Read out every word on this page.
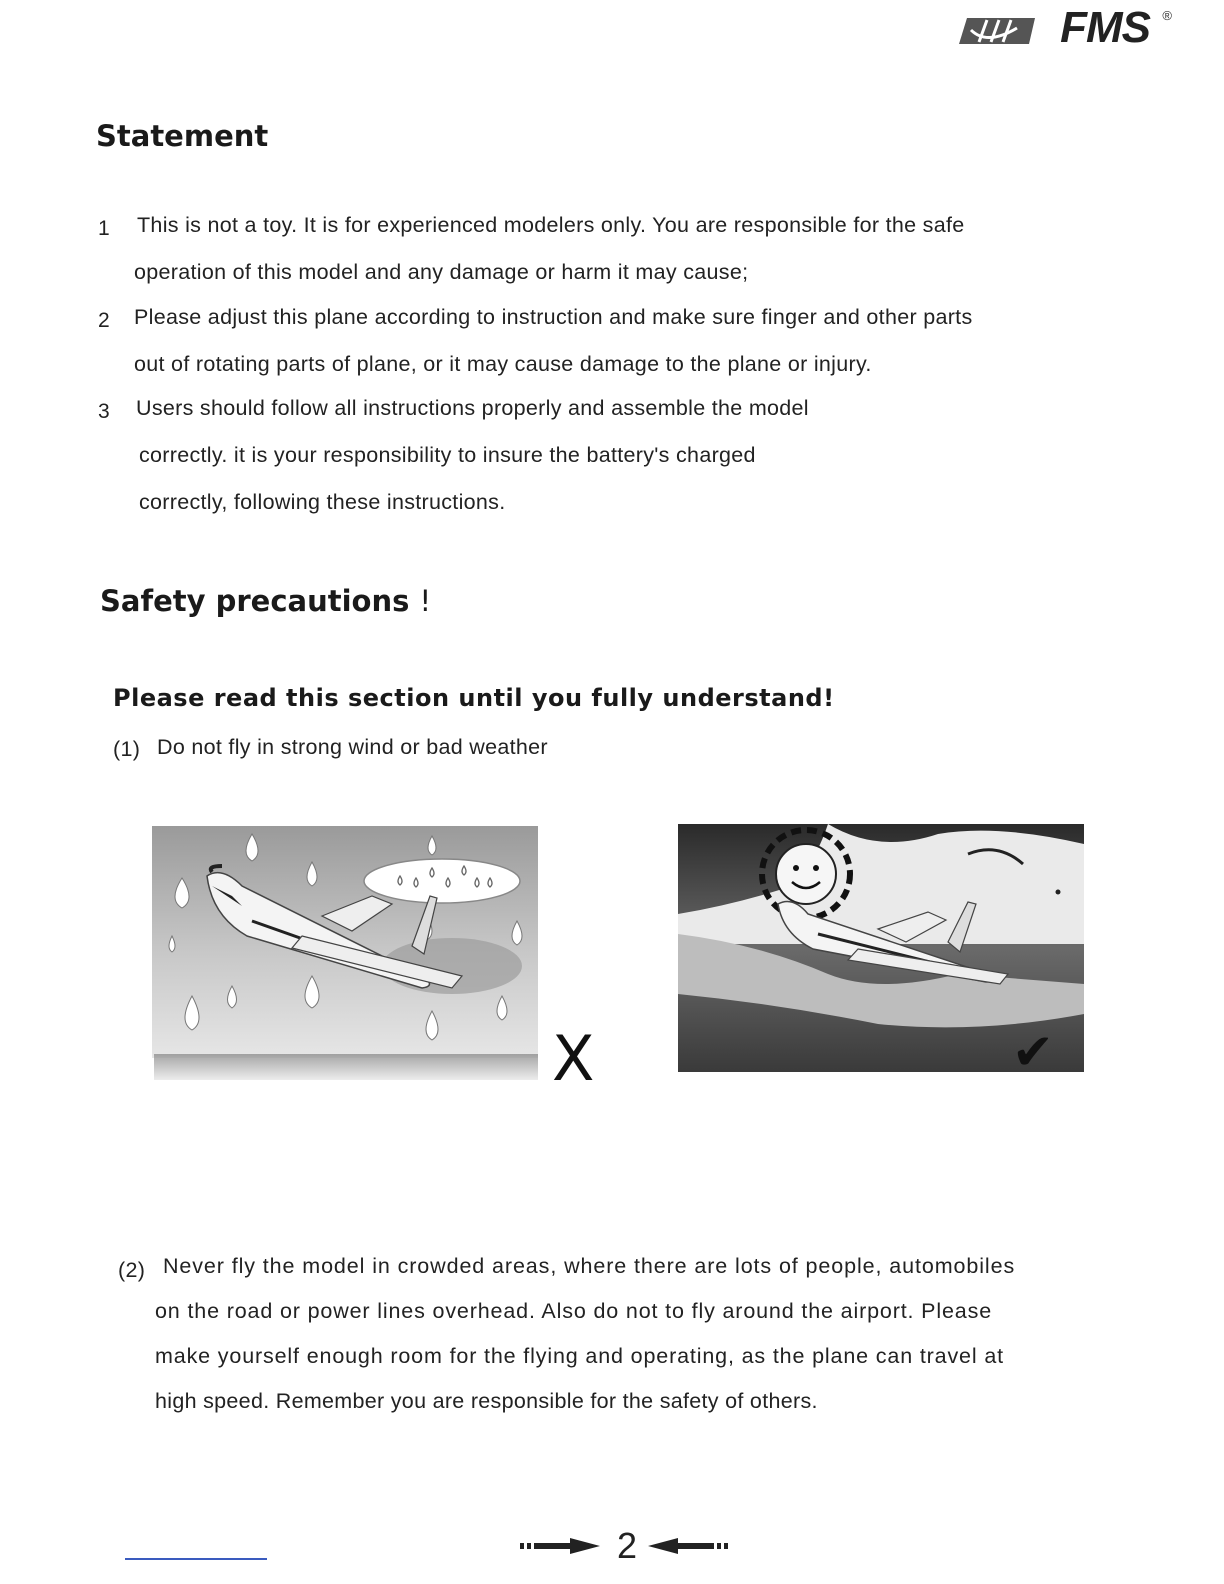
FMS ®
Statement
1 This is not a toy. It is for experienced modelers only. You are responsible for the safe
operation of this model and any damage or harm it may cause;
2 Please adjust this plane according to instruction and make sure finger and other parts
out of rotating parts of plane, or it may cause damage to the plane or injury.
3 Users should follow all instructions properly and assemble the model
correctly. it is your responsibility to insure the battery's charged
correctly, following these instructions.
Safety precautions !
Please read this section until you fully understand!
(1) Do not fly in strong wind or bad weather
X	✔
(2) Never fly the model in crowded areas, where there are lots of people, automobiles
on the road or power lines overhead. Also do not to fly around the airport. Please
make yourself enough room for the flying and operating, as the plane can travel at
high speed. Remember you are responsible for the safety of others.
2
